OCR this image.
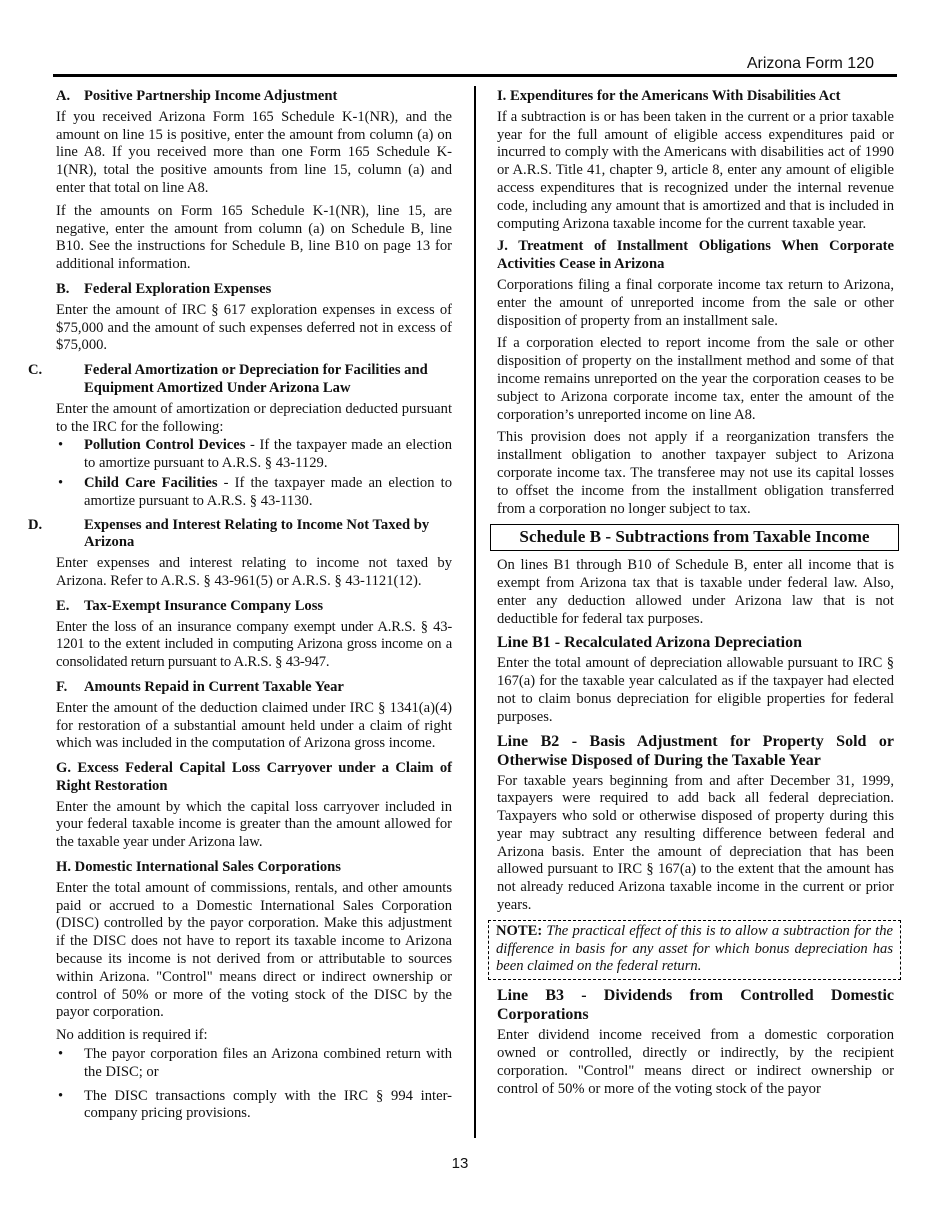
Arizona Form 120
A. Positive Partnership Income Adjustment
If you received Arizona Form 165 Schedule K-1(NR), and the amount on line 15 is positive, enter the amount from column (a) on line A8. If you received more than one Form 165 Schedule K-1(NR), total the positive amounts from line 15, column (a) and enter that total on line A8.
If the amounts on Form 165 Schedule K-1(NR), line 15, are negative, enter the amount from column (a) on Schedule B, line B10. See the instructions for Schedule B, line B10 on page 13 for additional information.
B. Federal Exploration Expenses
Enter the amount of IRC § 617 exploration expenses in excess of $75,000 and the amount of such expenses deferred not in excess of $75,000.
C.	Federal Amortization or Depreciation for Facilities and Equipment Amortized Under Arizona Law
Enter the amount of amortization or depreciation deducted pursuant to the IRC for the following:
• Pollution Control Devices - If the taxpayer made an election to amortize pursuant to A.R.S. § 43-1129.
• Child Care Facilities - If the taxpayer made an election to amortize pursuant to A.R.S. § 43-1130.
D.	Expenses and Interest Relating to Income Not Taxed by Arizona
Enter expenses and interest relating to income not taxed by Arizona. Refer to A.R.S. § 43-961(5) or A.R.S. § 43-1121(12).
E. Tax-Exempt Insurance Company Loss
Enter the loss of an insurance company exempt under A.R.S. § 43-1201 to the extent included in computing Arizona gross income on a consolidated return pursuant to A.R.S. § 43-947.
F. Amounts Repaid in Current Taxable Year
Enter the amount of the deduction claimed under IRC § 1341(a)(4) for restoration of a substantial amount held under a claim of right which was included in the computation of Arizona gross income.
G. Excess Federal Capital Loss Carryover under a Claim of Right Restoration
Enter the amount by which the capital loss carryover included in your federal taxable income is greater than the amount allowed for the taxable year under Arizona law.
H. Domestic International Sales Corporations
Enter the total amount of commissions, rentals, and other amounts paid or accrued to a Domestic International Sales Corporation (DISC) controlled by the payor corporation. Make this adjustment if the DISC does not have to report its taxable income to Arizona because its income is not derived from or attributable to sources within Arizona. "Control" means direct or indirect ownership or control of 50% or more of the voting stock of the DISC by the payor corporation.
No addition is required if:
• The payor corporation files an Arizona combined return with the DISC; or
• The DISC transactions comply with the IRC § 994 inter-company pricing provisions.
I. Expenditures for the Americans With Disabilities Act
If a subtraction is or has been taken in the current or a prior taxable year for the full amount of eligible access expenditures paid or incurred to comply with the Americans with disabilities act of 1990 or A.R.S. Title 41, chapter 9, article 8, enter any amount of eligible access expenditures that is recognized under the internal revenue code, including any amount that is amortized and that is included in computing Arizona taxable income for the current taxable year.
J. Treatment of Installment Obligations When Corporate Activities Cease in Arizona
Corporations filing a final corporate income tax return to Arizona, enter the amount of unreported income from the sale or other disposition of property from an installment sale.
If a corporation elected to report income from the sale or other disposition of property on the installment method and some of that income remains unreported on the year the corporation ceases to be subject to Arizona corporate income tax, enter the amount of the corporation’s unreported income on line A8.
This provision does not apply if a reorganization transfers the installment obligation to another taxpayer subject to Arizona corporate income tax. The transferee may not use its capital losses to offset the income from the installment obligation transferred from a corporation no longer subject to tax.
Schedule B - Subtractions from Taxable Income
On lines B1 through B10 of Schedule B, enter all income that is exempt from Arizona tax that is taxable under federal law. Also, enter any deduction allowed under Arizona law that is not deductible for federal tax purposes.
Line B1 - Recalculated Arizona Depreciation
Enter the total amount of depreciation allowable pursuant to IRC § 167(a) for the taxable year calculated as if the taxpayer had elected not to claim bonus depreciation for eligible properties for federal purposes.
Line B2 - Basis Adjustment for Property Sold or
Otherwise Disposed of During the Taxable Year
For taxable years beginning from and after December 31, 1999, taxpayers were required to add back all federal depreciation. Taxpayers who sold or otherwise disposed of property during this year may subtract any resulting difference between federal and Arizona basis. Enter the amount of depreciation that has been allowed pursuant to IRC § 167(a) to the extent that the amount has not already reduced Arizona taxable income in the current or prior years.
NOTE: The practical effect of this is to allow a subtraction for the difference in basis for any asset for which bonus depreciation has been claimed on the federal return.
Line B3 - Dividends from Controlled Domestic
Corporations
Enter dividend income received from a domestic corporation owned or controlled, directly or indirectly, by the recipient corporation. "Control" means direct or indirect ownership or control of 50% or more of the voting stock of the payor
13
